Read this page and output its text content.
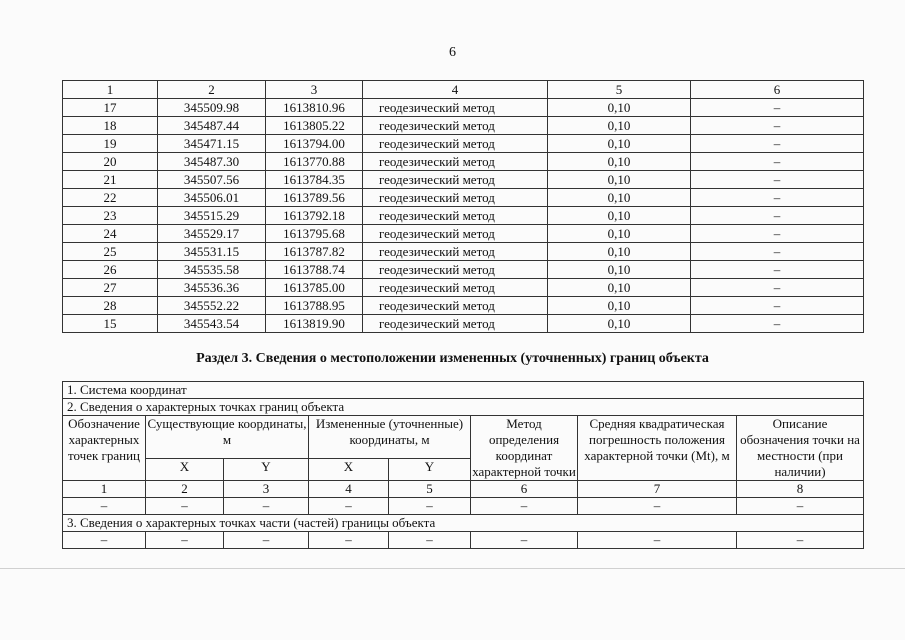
6
1	2	3	4	5	6
17	345509.98	1613810.96	геодезический метод	0,10	–
18	345487.44	1613805.22	геодезический метод	0,10	–
19	345471.15	1613794.00	геодезический метод	0,10	–
20	345487.30	1613770.88	геодезический метод	0,10	–
21	345507.56	1613784.35	геодезический метод	0,10	–
22	345506.01	1613789.56	геодезический метод	0,10	–
23	345515.29	1613792.18	геодезический метод	0,10	–
24	345529.17	1613795.68	геодезический метод	0,10	–
25	345531.15	1613787.82	геодезический метод	0,10	–
26	345535.58	1613788.74	геодезический метод	0,10	–
27	345536.36	1613785.00	геодезический метод	0,10	–
28	345552.22	1613788.95	геодезический метод	0,10	–
15	345543.54	1613819.90	геодезический метод	0,10	–
Раздел 3. Сведения о местоположении измененных (уточненных) границ объекта
1. Система координат							
2. Сведения о характерных точках границ объекта							
Обозначение характерных точек границ	Существующие координаты, м		Измененные (уточненные) координаты, м		Метод определения координат характерной точки	Средняя квадратическая погрешность положения характерной точки (Mt), м	Описание обозначения точки на местности (при наличии)
	X	Y	X	Y			
1	2	3	4	5	6	7	8
–	–	–	–	–	–	–	–
3. Сведения о характерных точках части (частей) границы объекта							
–	–	–	–	–	–	–	–
